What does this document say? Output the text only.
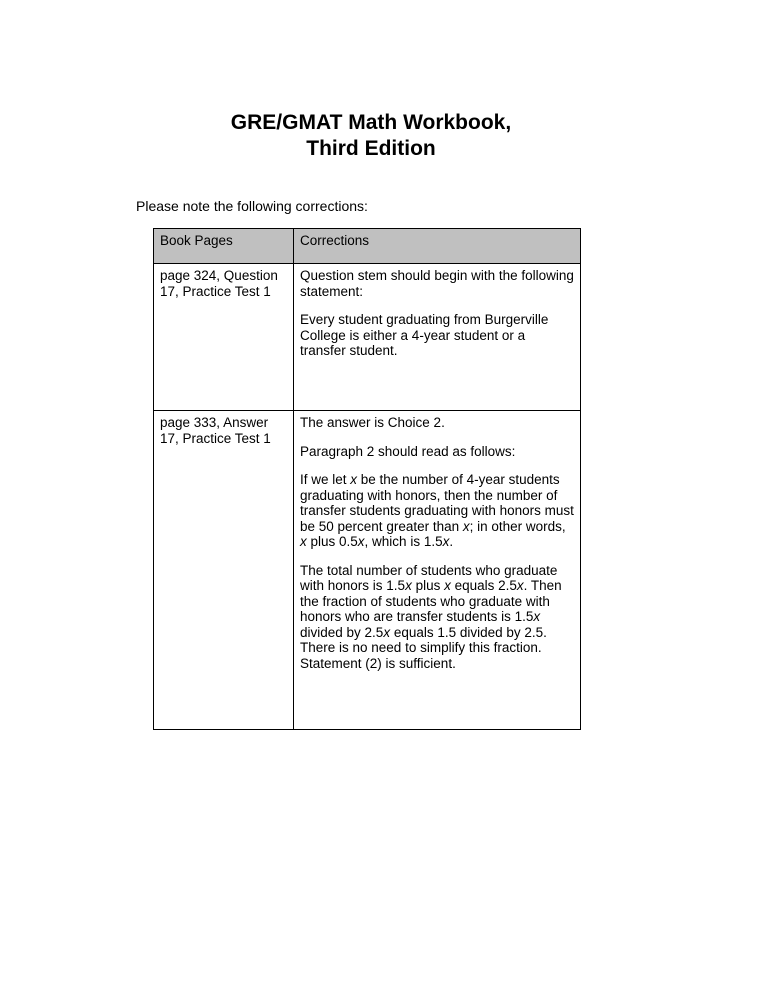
GRE/GMAT Math Workbook,
Third Edition
Please note the following corrections:
Book Pages	Corrections
page 324, Question 17, Practice Test 1	Question stem should begin with the following statement:

Every student graduating from Burgerville College is either a 4-year student or a transfer student.

page 333, Answer 17, Practice Test 1	The answer is Choice 2.

Paragraph 2 should read as follows:

If we let x be the number of 4-year students graduating with honors, then the number of transfer students graduating with honors must be 50 percent greater than x; in other words, x plus 0.5x, which is 1.5x.

The total number of students who graduate with honors is 1.5x plus x equals 2.5x. Then the fraction of students who graduate with honors who are transfer students is 1.5x divided by 2.5x equals 1.5 divided by 2.5. There is no need to simplify this fraction. Statement (2) is sufficient.
